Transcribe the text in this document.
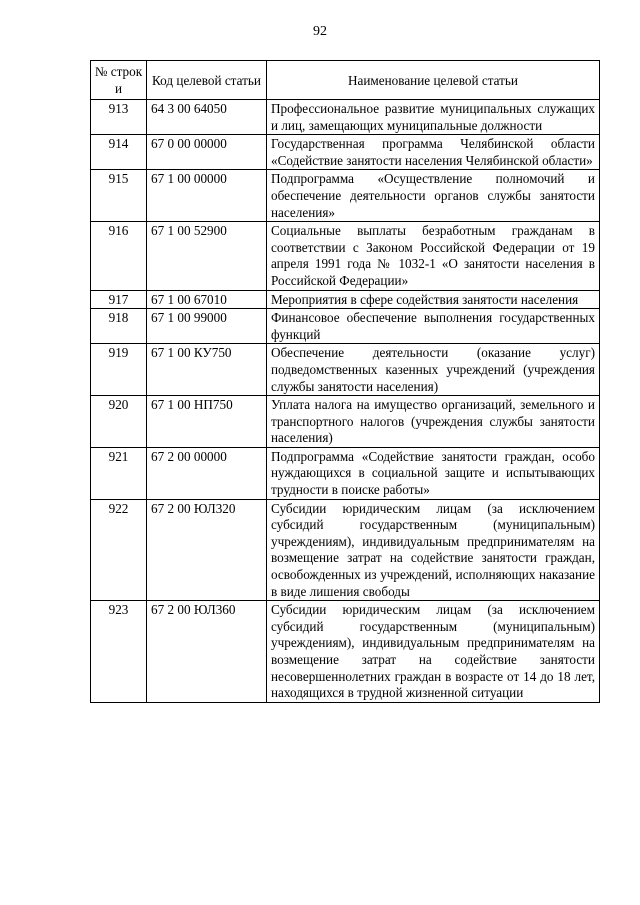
92
№ строк и	Код целевой статьи	Наименование целевой статьи
913	64 3 00 64050	Профессиональное развитие муниципальных служащих и лиц, замещающих муниципальные должности
914	67 0 00 00000	Государственная программа Челябинской области «Содействие занятости населения Челябинской области»
915	67 1 00 00000	Подпрограмма «Осуществление полномочий и обеспечение деятельности органов службы занятости населения»
916	67 1 00 52900	Социальные выплаты безработным гражданам в соответствии с Законом Российской Федерации от 19 апреля 1991 года № 1032-1 «О занятости населения в Российской Федерации»
917	67 1 00 67010	Мероприятия в сфере содействия занятости населения
918	67 1 00 99000	Финансовое обеспечение выполнения государственных функций
919	67 1 00 КУ750	Обеспечение деятельности (оказание услуг) подведомственных казенных учреждений (учреждения службы занятости населения)
920	67 1 00 НП750	Уплата налога на имущество организаций, земельного и транспортного налогов (учреждения службы занятости населения)
921	67 2 00 00000	Подпрограмма «Содействие занятости граждан, особо нуждающихся в социальной защите и испытывающих трудности в поиске работы»
922	67 2 00 ЮЛ320	Субсидии юридическим лицам (за исключением субсидий государственным (муниципальным) учреждениям), индивидуальным предпринимателям на возмещение затрат на содействие занятости граждан, освобожденных из учреждений, исполняющих наказание в виде лишения свободы
923	67 2 00 ЮЛ360	Субсидии юридическим лицам (за исключением субсидий государственным (муниципальным) учреждениям), индивидуальным предпринимателям на возмещение затрат на содействие занятости несовершеннолетних граждан в возрасте от 14 до 18 лет, находящихся в трудной жизненной ситуации
